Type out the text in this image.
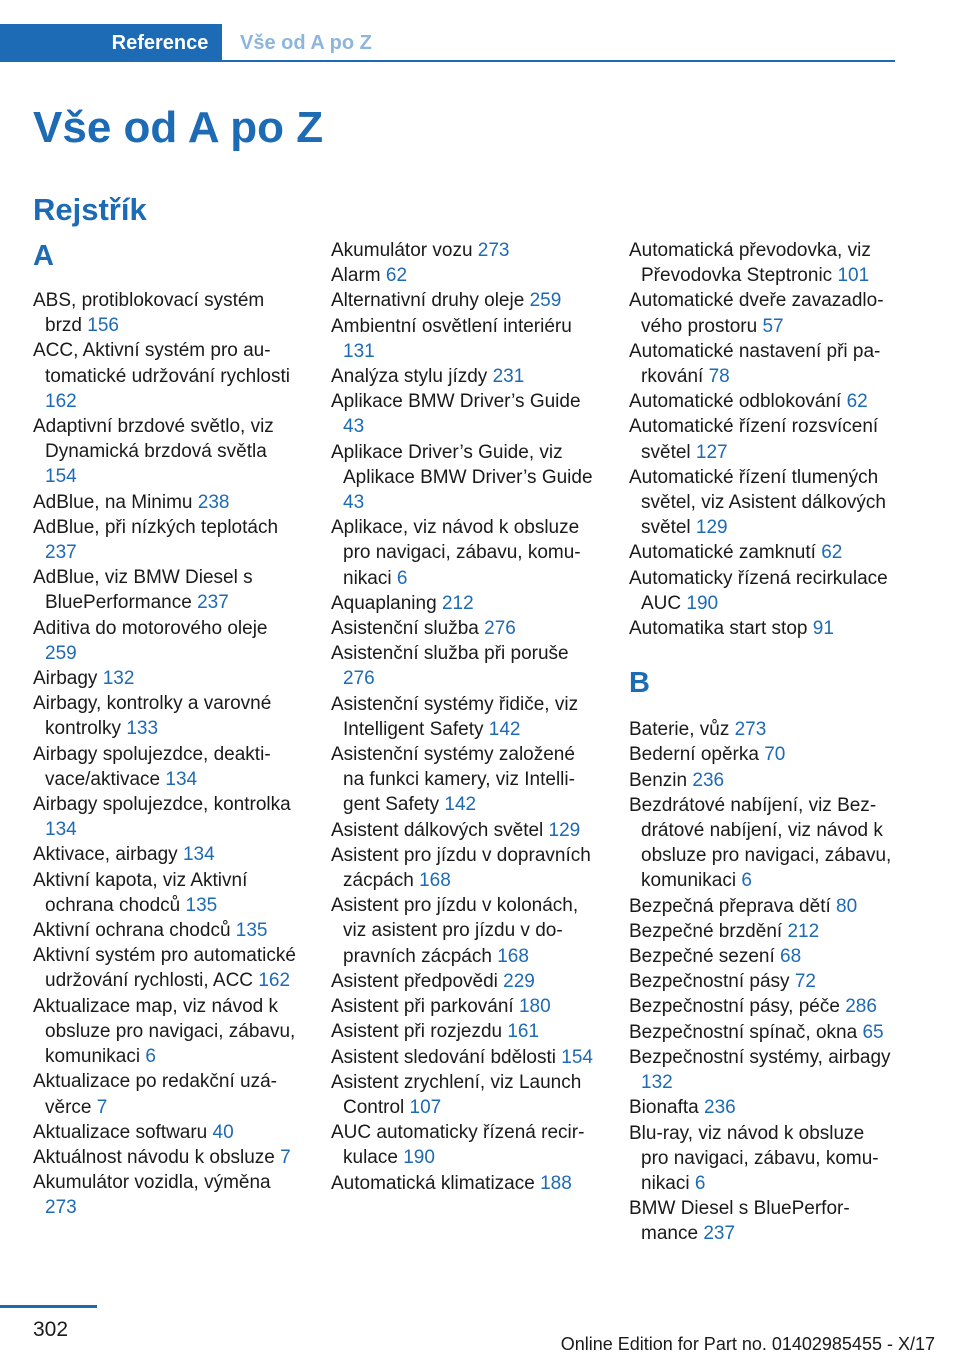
Reference	Vše od A po Z
Vše od A po Z
Rejstřík
A
ABS, protiblokovací systém brzd 156
ACC, Aktivní systém pro automatické udržování rychlosti 162
Adaptivní brzdové světlo, viz Dynamická brzdová světla 154
AdBlue, na Minimu 238
AdBlue, při nízkých teplotách 237
AdBlue, viz BMW Diesel s BluePerformance 237
Aditiva do motorového oleje 259
Airbagy 132
Airbagy, kontrolky a varovné kontrolky 133
Airbagy spolujezdce, deaktivace/aktivace 134
Airbagy spolujezdce, kontrolka 134
Aktivace, airbagy 134
Aktivní kapota, viz Aktivní ochrana chodců 135
Aktivní ochrana chodců 135
Aktivní systém pro automatické udržování rychlosti, ACC 162
Aktualizace map, viz návod k obsluze pro navigaci, zábavu, komunikaci 6
Aktualizace po redakční uzávěrce 7
Aktualizace softwaru 40
Aktuálnost návodu k obsluze 7
Akumulátor vozidla, výměna 273
Akumulátor vozu 273
Alarm 62
Alternativní druhy oleje 259
Ambientní osvětlení interiéru 131
Analýza stylu jízdy 231
Aplikace BMW Driver’s Guide 43
Aplikace Driver’s Guide, viz Aplikace BMW Driver’s Guide 43
Aplikace, viz návod k obsluze pro navigaci, zábavu, komunikaci 6
Aquaplaning 212
Asistenční služba 276
Asistenční služba při poruše 276
Asistenční systémy řidiče, viz Intelligent Safety 142
Asistenční systémy založené na funkci kamery, viz Intelligent Safety 142
Asistent dálkových světel 129
Asistent pro jízdu v dopravních zácpách 168
Asistent pro jízdu v kolonách, viz asistent pro jízdu v dopravních zácpách 168
Asistent předpovědi 229
Asistent při parkování 180
Asistent při rozjezdu 161
Asistent sledování bdělosti 154
Asistent zrychlení, viz Launch Control 107
AUC automaticky řízená recirkulace 190
Automatická klimatizace 188
Automatická převodovka, viz Převodovka Steptronic 101
Automatické dveře zavazadlového prostoru 57
Automatické nastavení při parkování 78
Automatické odblokování 62
Automatické řízení rozsvícení světel 127
Automatické řízení tlumených světel, viz Asistent dálkových světel 129
Automatické zamknutí 62
Automaticky řízená recirkulace AUC 190
Automatika start stop 91
B
Baterie, vůz 273
Bederní opěrka 70
Benzin 236
Bezdrátové nabíjení, viz Bezdrátové nabíjení, viz návod k obsluze pro navigaci, zábavu, komunikaci 6
Bezpečná přeprava dětí 80
Bezpečné brzdění 212
Bezpečné sezení 68
Bezpečnostní pásy 72
Bezpečnostní pásy, péče 286
Bezpečnostní spínač, okna 65
Bezpečnostní systémy, airbagy 132
Bionafta 236
Blu-ray, viz návod k obsluze pro navigaci, zábavu, komunikaci 6
BMW Diesel s BluePerformance 237
302
Online Edition for Part no. 01402985455 - X/17
